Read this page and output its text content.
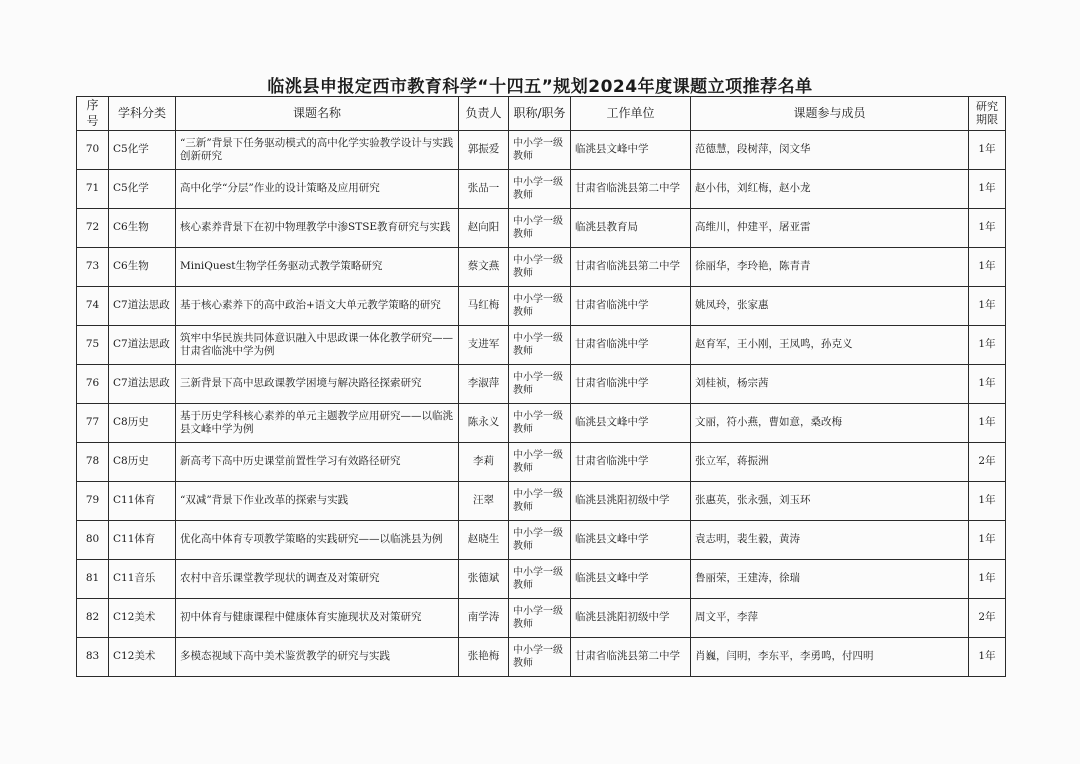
临洮县申报定西市教育科学“十四五”规划2024年度课题立项推荐名单
序号	学科分类	课题名称	负责人	职称/职务	工作单位	课题参与成员	研究期限
70	C5化学	“三新”背景下任务驱动模式的高中化学实验教学设计与实践创新研究	郭振爱	中小学一级教师	临洮县文峰中学	范德慧，段树萍，闵文华	1年
71	C5化学	高中化学“分层”作业的设计策略及应用研究	张品一	中小学一级教师	甘肃省临洮县第二中学	赵小伟，刘红梅，赵小龙	1年
72	C6生物	核心素养背景下在初中物理教学中渗STSE教育研究与实践	赵向阳	中小学一级教师	临洮县教育局	高维川，仲建平，屠亚雷	1年
73	C6生物	MiniQuest生物学任务驱动式教学策略研究	蔡文燕	中小学一级教师	甘肃省临洮县第二中学	徐丽华，李玲艳，陈青青	1年
74	C7道法思政	基于核心素养下的高中政治+语文大单元教学策略的研究	马红梅	中小学一级教师	甘肃省临洮中学	姚凤玲，张家惠	1年
75	C7道法思政	筑牢中华民族共同体意识融入中思政课一体化教学研究——甘肃省临洮中学为例	支进军	中小学一级教师	甘肃省临洮中学	赵育军，王小刚，王凤鸣，孙克义	1年
76	C7道法思政	三新背景下高中思政课教学困境与解决路径探索研究	李淑萍	中小学一级教师	甘肃省临洮中学	刘桂祯，杨宗茜	1年
77	C8历史	基于历史学科核心素养的单元主题教学应用研究——以临洮县文峰中学为例	陈永义	中小学一级教师	临洮县文峰中学	文丽，符小燕，曹如意，桑改梅	1年
78	C8历史	新高考下高中历史课堂前置性学习有效路径研究	李莉	中小学一级教师	甘肃省临洮中学	张立军，蒋振洲	2年
79	C11体育	“双减”背景下作业改革的探索与实践	汪翠	中小学一级教师	临洮县洮阳初级中学	张惠英，张永强，刘玉环	1年
80	C11体育	优化高中体育专项教学策略的实践研究——以临洮县为例	赵晓生	中小学一级教师	临洮县文峰中学	袁志明，裴生毅，黄涛	1年
81	C11音乐	农村中音乐课堂教学现状的调查及对策研究	张德斌	中小学一级教师	临洮县文峰中学	鲁丽荣，王建涛，徐瑞	1年
82	C12美术	初中体育与健康课程中健康体育实施现状及对策研究	南学涛	中小学一级教师	临洮县洮阳初级中学	周文平，李萍	2年
83	C12美术	多模态视域下高中美术鉴赏教学的研究与实践	张艳梅	中小学一级教师	甘肃省临洮县第二中学	肖巍，闫明，李东平，李勇鸣，付四明	1年
